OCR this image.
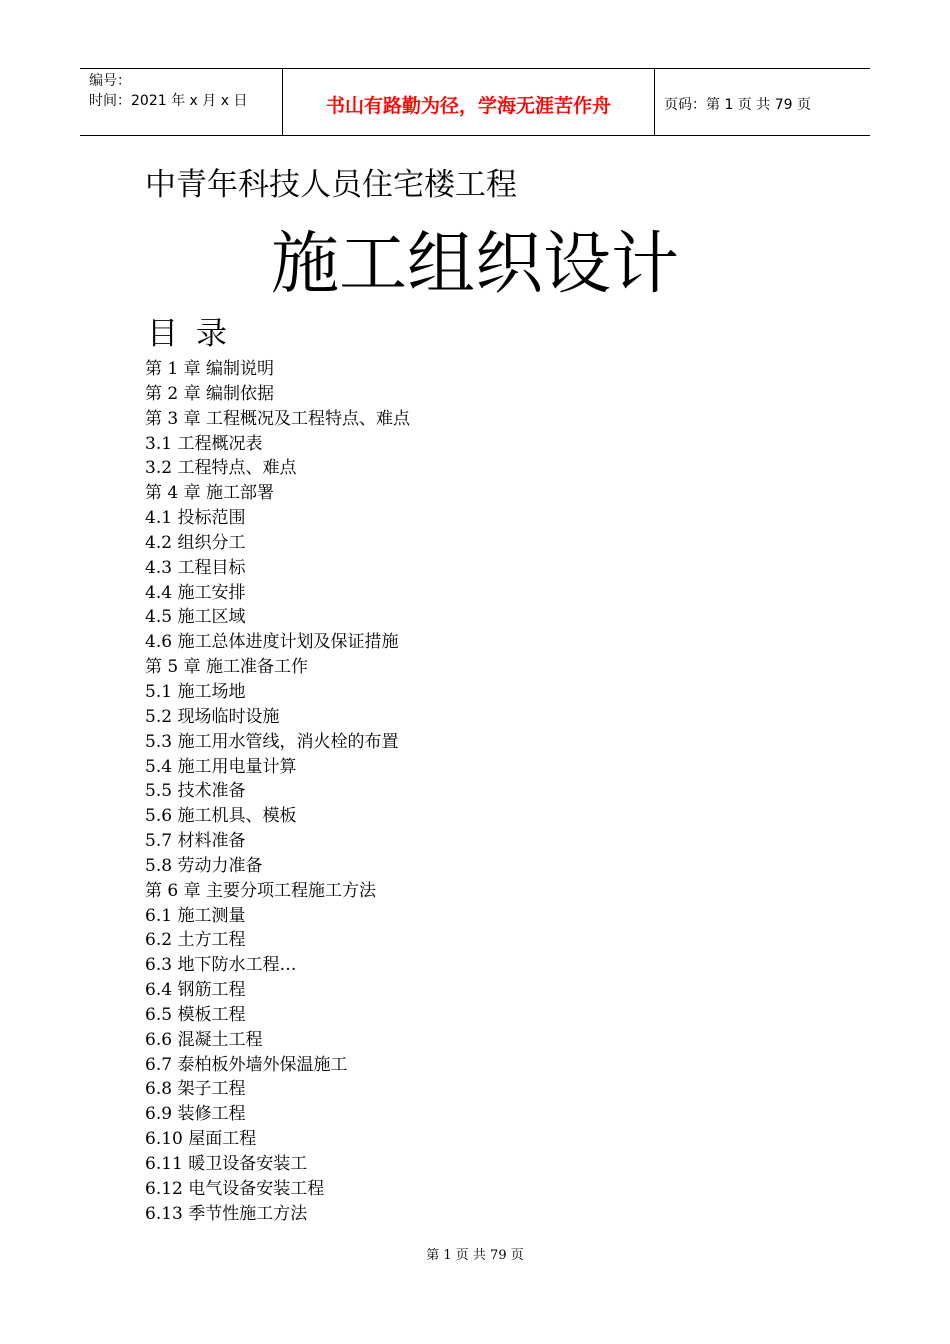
编号：
时间：2021 年 x 月 x 日	书山有路勤为径，学海无涯苦作舟	页码：第 1 页 共 79 页
中青年科技人员住宅楼工程
施工组织设计
目录
第 1 章 编制说明
第 2 章 编制依据
第 3 章 工程概况及工程特点、难点
3.1 工程概况表
3.2 工程特点、难点
第 4 章 施工部署
4.1 投标范围
4.2 组织分工
4.3 工程目标
4.4 施工安排
4.5 施工区域
4.6 施工总体进度计划及保证措施
第 5 章 施工准备工作
5.1 施工场地
5.2 现场临时设施
5.3 施工用水管线，消火栓的布置
5.4 施工用电量计算
5.5 技术准备
5.6 施工机具、模板
5.7 材料准备
5.8 劳动力准备
第 6 章 主要分项工程施工方法
6.1 施工测量
6.2 土方工程
6.3 地下防水工程…
6.4 钢筋工程
6.5 模板工程
6.6 混凝土工程
6.7 泰柏板外墙外保温施工
6.8 架子工程
6.9 装修工程
6.10 屋面工程
6.11 暖卫设备安装工
6.12 电气设备安装工程
6.13 季节性施工方法
第 1 页 共 79 页
